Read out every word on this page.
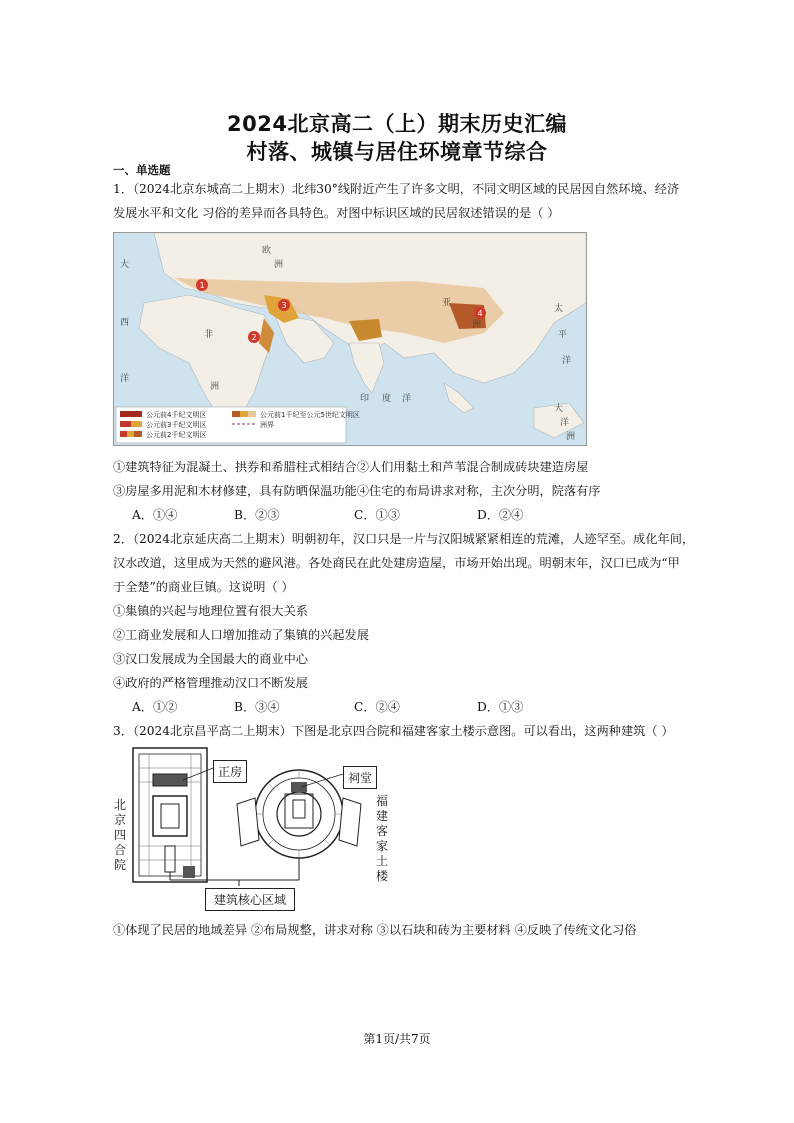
2024北京高二（上）期末历史汇编
村落、城镇与居住环境章节综合
一、单选题
1．（2024北京东城高二上期末）北纬30°线附近产生了许多文明，不同文明区域的民居因自然环境、经济
发展水平和文化 习俗的差异而各具特色。对图中标识区域的民居叙述错误的是（ ）
1
2
3
4
大
西
洋
欧
洲
非
洲
亚
洲
太
平
洋
印 度 洋
大
洋
洲
公元前4千纪文明区
公元前3千纪文明区
公元前2千纪文明区
公元前1千纪至公元5世纪文明区
洲界
①建筑特征为混凝土、拱券和希腊柱式相结合②人们用黏土和芦苇混合制成砖块建造房屋
③房屋多用泥和木材修建，具有防晒保温功能④住宅的布局讲求对称，主次分明，院落有序
A．①④	B．②③	C．①③	D．②④
2．（2024北京延庆高二上期末）明朝初年，汉口只是一片与汉阳城紧紧相连的荒滩，人迹罕至。成化年间，
汉水改道，这里成为天然的避风港。各处商民在此处建房造屋，市场开始出现。明朝末年，汉口已成为“甲
于全楚”的商业巨镇。这说明（ ）
①集镇的兴起与地理位置有很大关系
②工商业发展和人口增加推动了集镇的兴起发展
③汉口发展成为全国最大的商业中心
④政府的严格管理推动汉口不断发展
A．①②	B．③④	C．②④	D．①③
3．（2024北京昌平高二上期末）下图是北京四合院和福建客家土楼示意图。可以看出，这两种建筑（ ）
正房	祠堂
北京四合院
福建客家土楼
建筑核心区域
①体现了民居的地域差异 ②布局规整，讲求对称 ③以石块和砖为主要材料 ④反映了传统文化习俗
第1页/共7页
